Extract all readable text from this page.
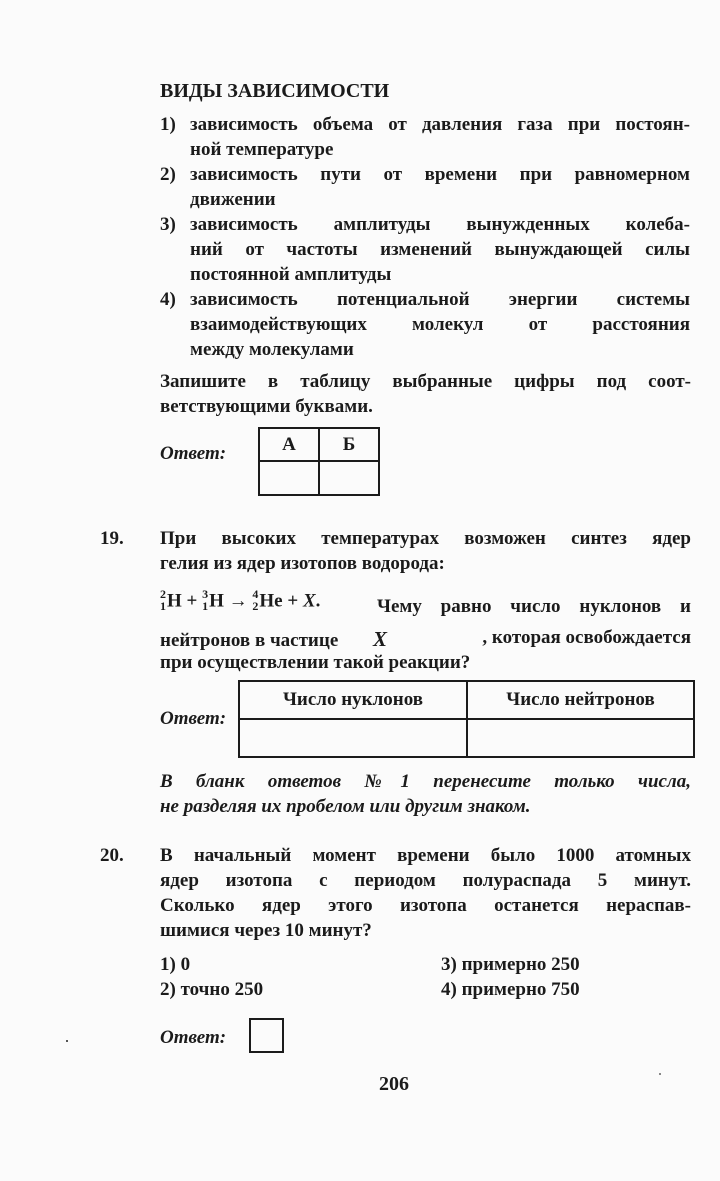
ВИДЫ ЗАВИСИМОСТИ
1) зависимость объема от давления газа при постоян-
ной температуре
2) зависимость пути от времени при равномерном
движении
3) зависимость амплитуды вынужденных колеба-
ний от частоты изменений вынуждающей силы
постоянной амплитуды
4) зависимость потенциальной энергии системы
взаимодействующих молекул от расстояния
между молекулами
Запишите в таблицу выбранные цифры под соот-
ветствующими буквами.
Ответ:	А	Б

19. При высоких температурах возможен синтез ядер
гелия из ядер изотопов водорода:
2
1 H + 3
1 H → 4
2 He + X.	Чему равно число нуклонов и
нейтронов в частице X	, которая освобождается
при осуществлении такой реакции?
Ответ:
Число нуклонов	Число нейтронов

В бланк ответов №1 перенесите только числа,
не разделяя их пробелом или другим знаком.
20. В начальный момент времени было 1000 атомных
ядер изотопа с периодом полураспада 5 минут.
Сколько ядер этого изотопа останется нераспав-
шимися через 10 минут?
1) 0
2) точно 250
3) примерно 250
4) примерно 750
Ответ:
206
